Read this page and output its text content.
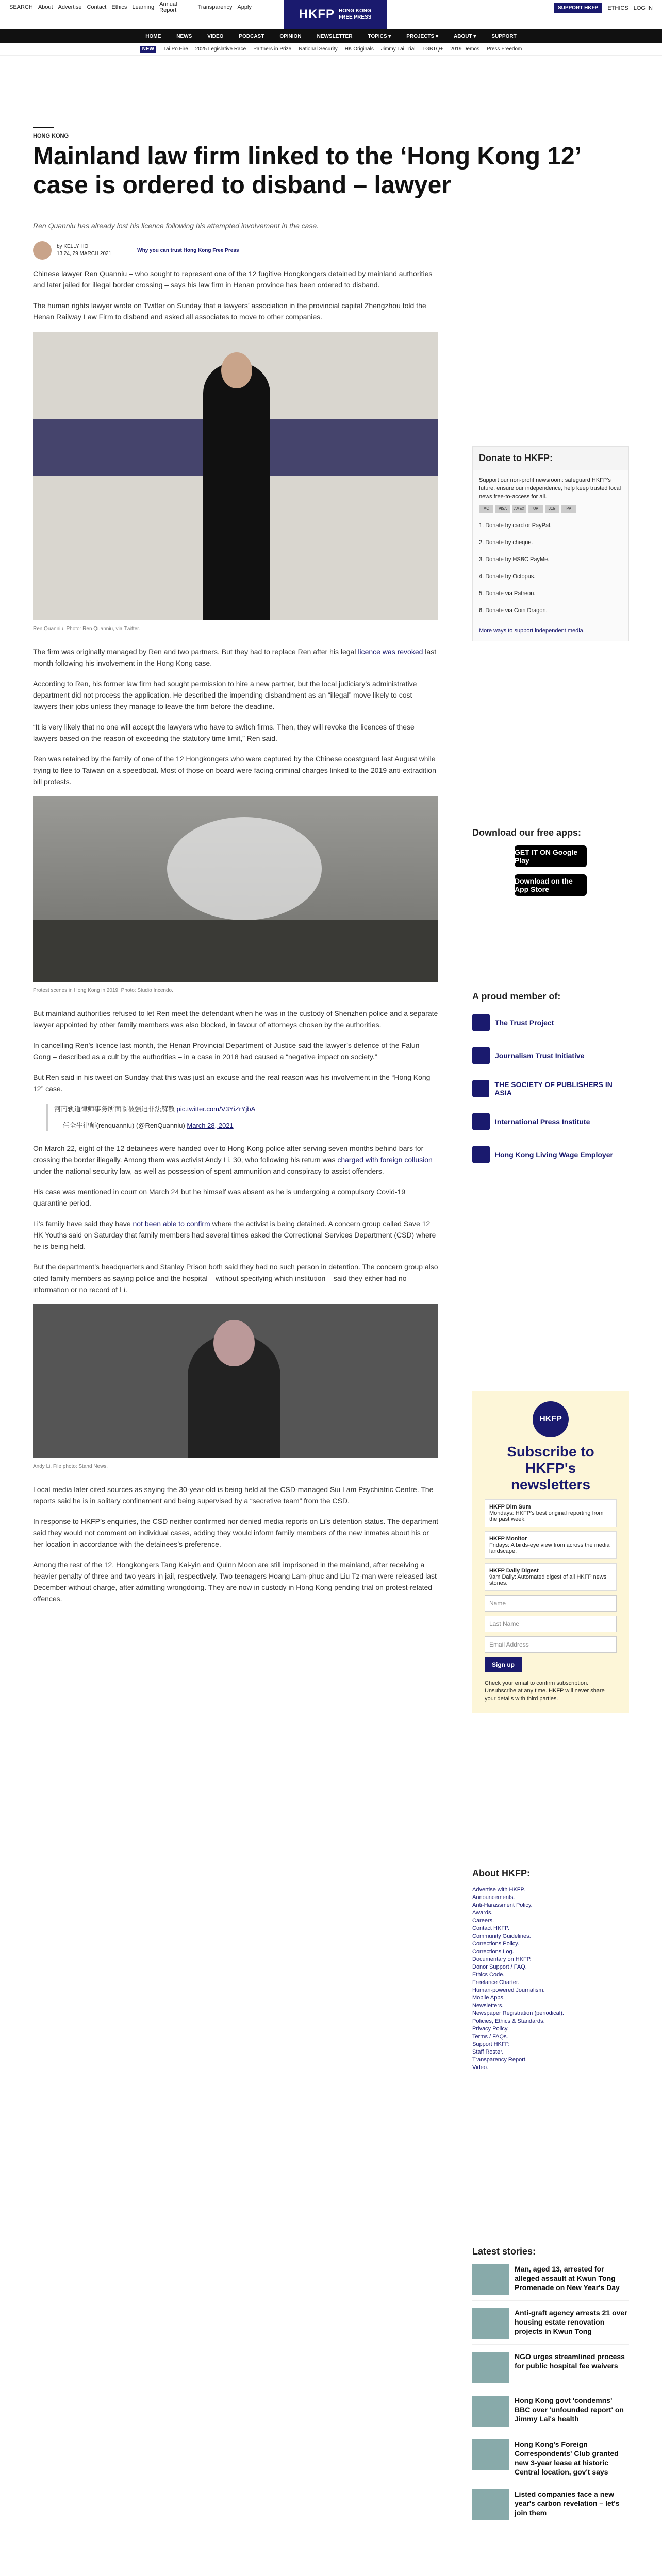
SEARCH About Advertise Contact Ethics Learning Annual Report	Transparency Apply	SUPPORT HKFP	ETHICS LOG IN
HKFP HONG KONG
FREE PRESS
HOME	NEWS	VIDEO	PODCAST	OPINION	NEWSLETTER	TOPICS ▾	PROJECTS ▾	ABOUT ▾	SUPPORT
NEW	Tai Po Fire 2025 Legislative Race Partners in Prize National Security HK Originals Jimmy Lai Trial LGBTQ+ 2019 Demos Press Freedom
HONG KONG
Mainland law firm linked to the ‘Hong Kong 12’ case is ordered to disband – lawyer
Ren Quanniu has already lost his licence following his attempted involvement in the case.
by KELLY HO
13:24, 29 MARCH 2021
Why you can trust Hong Kong Free Press

Chinese lawyer Ren Quanniu – who sought to represent one of the 12 fugitive Hongkongers detained by mainland authorities and later jailed for illegal border crossing – says his law firm in Henan province has been ordered to disband.

The human rights lawyer wrote on Twitter on Sunday that a lawyers’ association in the provincial capital Zhengzhou told the Henan Railway Law Firm to disband and asked all associates to move to other companies.

Ren Quanniu. Photo: Ren Quanniu, via Twitter.

The firm was originally managed by Ren and two partners. But they had to replace Ren after his legal licence was revoked last month following his involvement in the Hong Kong case.

According to Ren, his former law firm had sought permission to hire a new partner, but the local judiciary’s administrative department did not process the application. He described the impending disbandment as an “illegal” move likely to cost lawyers their jobs unless they manage to leave the firm before the deadline.

“It is very likely that no one will accept the lawyers who have to switch firms. Then, they will revoke the licences of these lawyers based on the reason of exceeding the statutory time limit,” Ren said.

Ren was retained by the family of one of the 12 Hongkongers who were captured by the Chinese coastguard last August while trying to flee to Taiwan on a speedboat. Most of those on board were facing criminal charges linked to the 2019 anti-extradition bill protests.

Protest scenes in Hong Kong in 2019. Photo: Studio Incendo.

But mainland authorities refused to let Ren meet the defendant when he was in the custody of Shenzhen police and a separate lawyer appointed by other family members was also blocked, in favour of attorneys chosen by the authorities.

In cancelling Ren’s licence last month, the Henan Provincial Department of Justice said the lawyer’s defence of the Falun Gong – described as a cult by the authorities – in a case in 2018 had caused a “negative impact on society.”

But Ren said in his tweet on Sunday that this was just an excuse and the real reason was his involvement in the “Hong Kong 12” case.

河南轨道律师事务所面临被强迫非法解散 pic.twitter.com/V3YiZrYjbA
— 任全牛律师(renquanniu) (@RenQuanniu) March 28, 2021

On March 22, eight of the 12 detainees were handed over to Hong Kong police after serving seven months behind bars for crossing the border illegally. Among them was activist Andy Li, 30, who following his return was charged with foreign collusion under the national security law, as well as possession of spent ammunition and conspiracy to assist offenders.

His case was mentioned in court on March 24 but he himself was absent as he is undergoing a compulsory Covid-19 quarantine period.

Li’s family have said they have not been able to confirm where the activist is being detained. A concern group called Save 12 HK Youths said on Saturday that family members had several times asked the Correctional Services Department (CSD) where he is being held.

But the department’s headquarters and Stanley Prison both said they had no such person in detention. The concern group also cited family members as saying police and the hospital – without specifying which institution – said they either had no information or no record of Li.

Andy Li. File photo: Stand News.

Local media later cited sources as saying the 30-year-old is being held at the CSD-managed Siu Lam Psychiatric Centre. The reports said he is in solitary confinement and being supervised by a “secretive team” from the CSD.

In response to HKFP’s enquiries, the CSD neither confirmed nor denied media reports on Li’s detention status. The department said they would not comment on individual cases, adding they would inform family members of the new inmates about his or her location in accordance with the detainees’s preference.

Among the rest of the 12, Hongkongers Tang Kai-yin and Quinn Moon are still imprisoned in the mainland, after receiving a heavier penalty of three and two years in jail, respectively. Two teenagers Hoang Lam-phuc and Liu Tz-man were released last December without charge, after admitting wrongdoing. They are now in custody in Hong Kong pending trial on protest-related offences.

Donate to HKFP:
Support our non-profit newsroom: safeguard HKFP's future, ensure our independence, help keep trusted local news free-to-access for all.
MC	VISA	AMEX	UP	JCB	PP
1. Donate by card or PayPal.
2. Donate by cheque.
3. Donate by HSBC PayMe.
4. Donate by Octopus.
5. Donate via Patreon.
6. Donate via Coin Dragon.
More ways to support independent media.
Download our free apps:
GET IT ON Google Play
Download on the App Store
A proud member of:
The Trust Project
Journalism Trust Initiative
THE SOCIETY OF PUBLISHERS IN ASIA
International Press Institute
Hong Kong Living Wage Employer
HKFP
Subscribe to HKFP's newsletters
HKFP Dim Sum
Mondays: HKFP's best original reporting from the past week.
HKFP Monitor
Fridays: A birds-eye view from across the media landscape.
HKFP Daily Digest
9am Daily: Automated digest of all HKFP news stories.
Name
Last Name
Email Address
Sign up
Check your email to confirm subscription. Unsubscribe at any time. HKFP will never share your details with third parties.
About HKFP:
Advertise with HKFP.
Announcements.
Anti-Harassment Policy.
Awards.
Careers.
Contact HKFP.
Community Guidelines.
Corrections Policy.
Corrections Log.
Documentary on HKFP.
Donor Support / FAQ.
Ethics Code.
Freelance Charter.
Human-powered Journalism.
Mobile Apps.
Newsletters.
Newspaper Registration (periodical).
Policies, Ethics & Standards.
Privacy Policy.
Terms / FAQs.
Support HKFP.
Staff Roster.
Transparency Report.
Video.
Latest stories:
Man, aged 13, arrested for alleged assault at Kwun Tong Promenade on New Year's Day
Anti-graft agency arrests 21 over housing estate renovation projects in Kwun Tong
NGO urges streamlined process for public hospital fee waivers
Hong Kong govt 'condemns' BBC over 'unfounded report' on Jimmy Lai's health
Hong Kong's Foreign Correspondents' Club granted new 3-year lease at historic Central location, gov't says
Listed companies face a new year's carbon revelation – let's join them
